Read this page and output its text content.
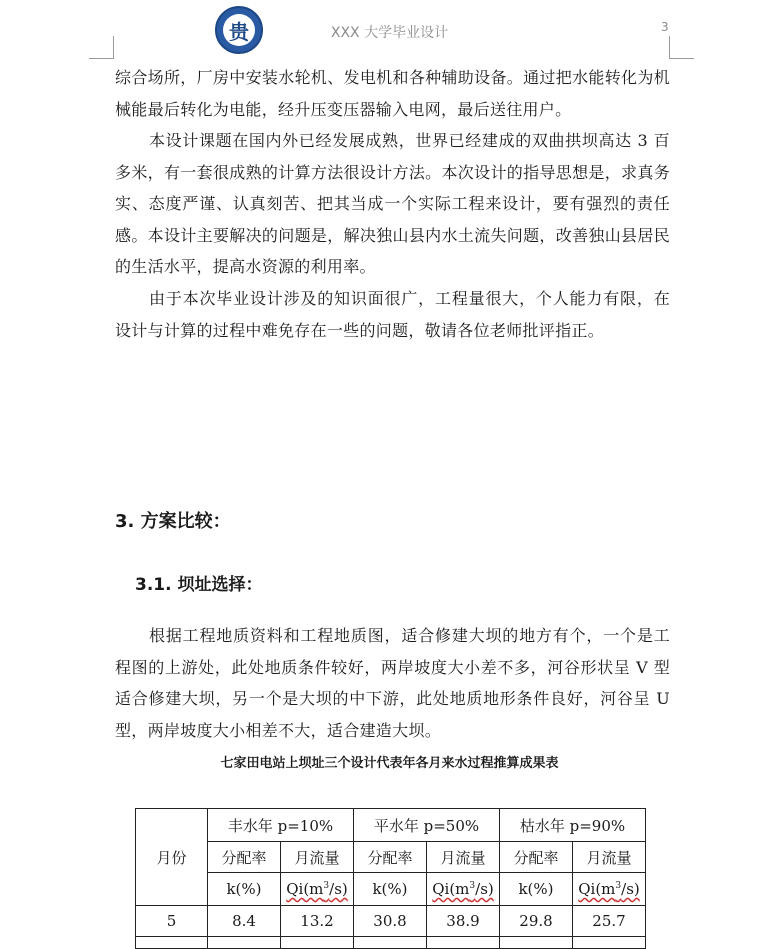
贵	XXX 大学毕业设计	3
综合场所，厂房中安装水轮机、发电机和各种辅助设备。通过把水能转化为机械能最后转化为电能，经升压变压器输入电网，最后送往用户。
本设计课题在国内外已经发展成熟，世界已经建成的双曲拱坝高达 3 百多米，有一套很成熟的计算方法很设计方法。本次设计的指导思想是，求真务实、态度严谨、认真刻苦、把其当成一个实际工程来设计，要有强烈的责任感。本设计主要解决的问题是，解决独山县内水土流失问题，改善独山县居民的生活水平，提高水资源的利用率。
由于本次毕业设计涉及的知识面很广，工程量很大，个人能力有限，在设计与计算的过程中难免存在一些的问题，敬请各位老师批评指正。
3. 方案比较：
3.1. 坝址选择：
根据工程地质资料和工程地质图，适合修建大坝的地方有个，一个是工程图的上游处，此处地质条件较好，两岸坡度大小差不多，河谷形状呈 V 型适合修建大坝，另一个是大坝的中下游，此处地质地形条件良好，河谷呈 U 型，两岸坡度大小相差不大，适合建造大坝。
七家田电站上坝址三个设计代表年各月来水过程推算成果表
月份	丰水年 p=10%		平水年 p=50%		枯水年 p=90%	
	分配率	月流量	分配率	月流量	分配率	月流量
	k(%)	$Qi(m^3/s)$	k(%)	$Qi(m^3/s)$	k(%)	$Qi(m^3/s)$
5	8.4	13.2	30.8	38.9	29.8	25.7
